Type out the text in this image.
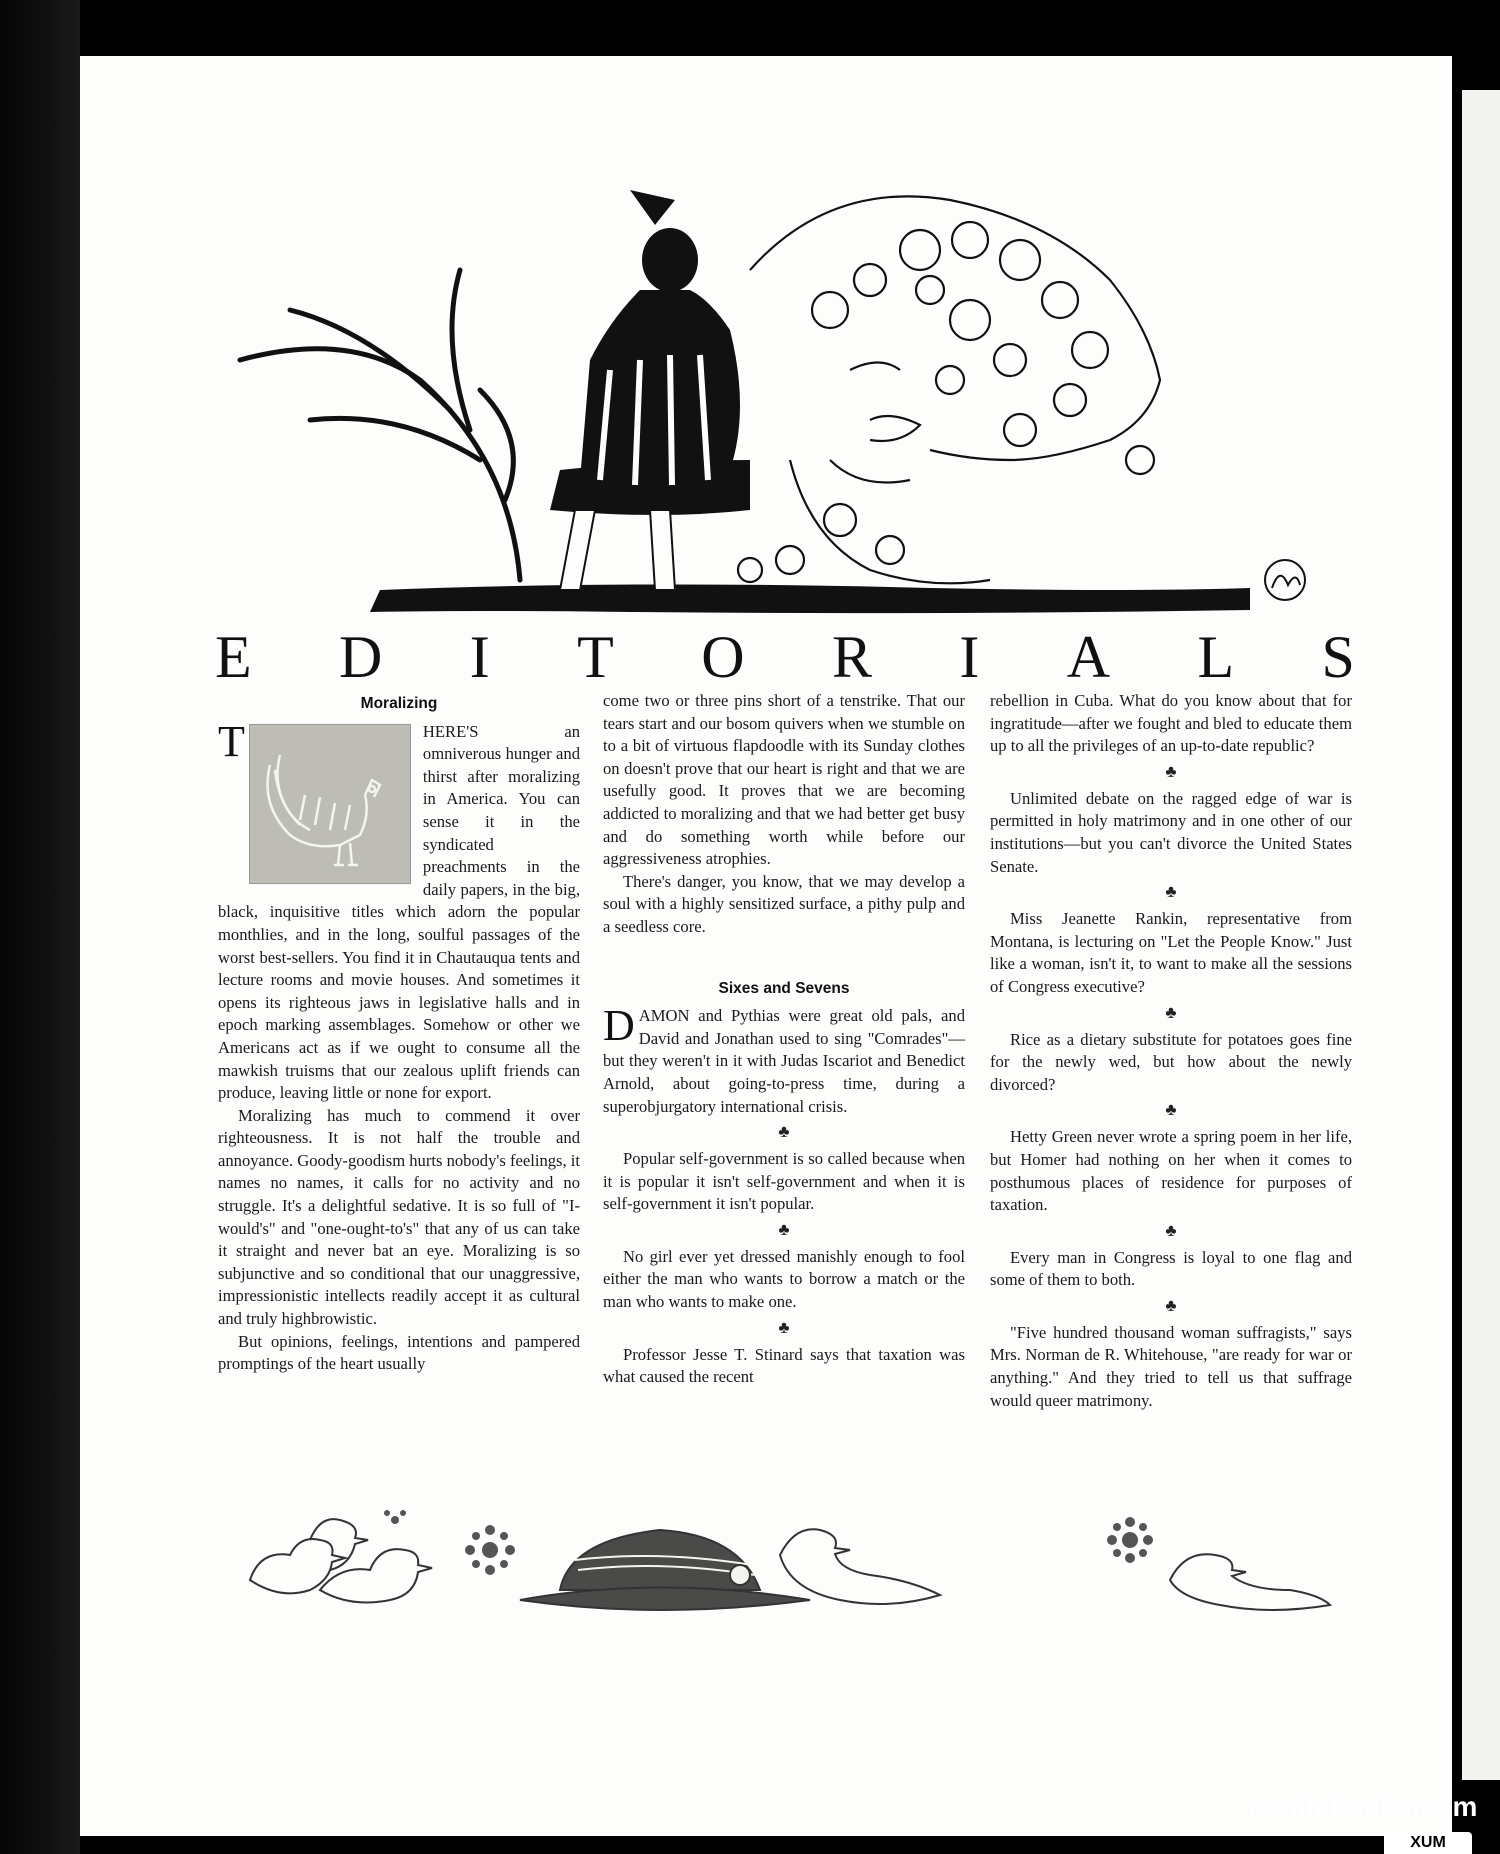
E D I T O R I A L S
Moralizing

T	HERE'S an omniverous hunger and thirst after moralizing in America. You can sense it in the syndicated preachments in the daily papers, in the big, black, inquisitive titles which adorn the popular monthlies, and in the long, soulful passages of the worst best-sellers. You find it in Chautauqua tents and lecture rooms and movie houses. And sometimes it opens its righteous jaws in legislative halls and in epoch marking assemblages. Somehow or other we Americans act as if we ought to consume all the mawkish truisms that our zealous uplift friends can produce, leaving little or none for export.

Moralizing has much to commend it over righteousness. It is not half the trouble and annoyance. Goody-goodism hurts nobody's feelings, it names no names, it calls for no activity and no struggle. It's a delightful sedative. It is so full of "I-would's" and "one-ought-to's" that any of us can take it straight and never bat an eye. Moralizing is so subjunctive and so conditional that our unaggressive, impressionistic intellects readily accept it as cultural and truly highbrowistic.

But opinions, feelings, intentions and pampered promptings of the heart usually

come two or three pins short of a tenstrike. That our tears start and our bosom quivers when we stumble on to a bit of virtuous flapdoodle with its Sunday clothes on doesn't prove that our heart is right and that we are usefully good. It proves that we are becoming addicted to moralizing and that we had better get busy and do something worth while before our aggressiveness atrophies.

There's danger, you know, that we may develop a soul with a highly sensitized surface, a pithy pulp and a seedless core.

Sixes and Sevens

DAMON and Pythias were great old pals, and David and Jonathan used to sing "Comrades"—but they weren't in it with Judas Iscariot and Benedict Arnold, about going-to-press time, during a superobjurgatory international crisis.

♣

Popular self-government is so called because when it is popular it isn't self-government and when it is self-government it isn't popular.

♣

No girl ever yet dressed manishly enough to fool either the man who wants to borrow a match or the man who wants to make one.

♣

Professor Jesse T. Stinard says that taxation was what caused the recent

rebellion in Cuba. What do you know about that for ingratitude—after we fought and bled to educate them up to all the privileges of an up-to-date republic?

♣

Unlimited debate on the ragged edge of war is permitted in holy matrimony and in one other of our institutions—but you can't divorce the United States Senate.

♣

Miss Jeanette Rankin, representative from Montana, is lecturing on "Let the People Know." Just like a woman, isn't it, to want to make all the sessions of Congress executive?

♣

Rice as a dietary substitute for potatoes goes fine for the newly wed, but how about the newly divorced?

♣

Hetty Green never wrote a spring poem in her life, but Homer had nothing on her when it comes to posthumous places of residence for purposes of taxation.

♣

Every man in Congress is loyal to one flag and some of them to both.

♣

"Five hundred thousand woman suffragists," says Mrs. Norman de R. Whitehouse, "are ready for war or anything." And they tried to tell us that suffrage would queer matrimony.

comicbooks.com
XUM
